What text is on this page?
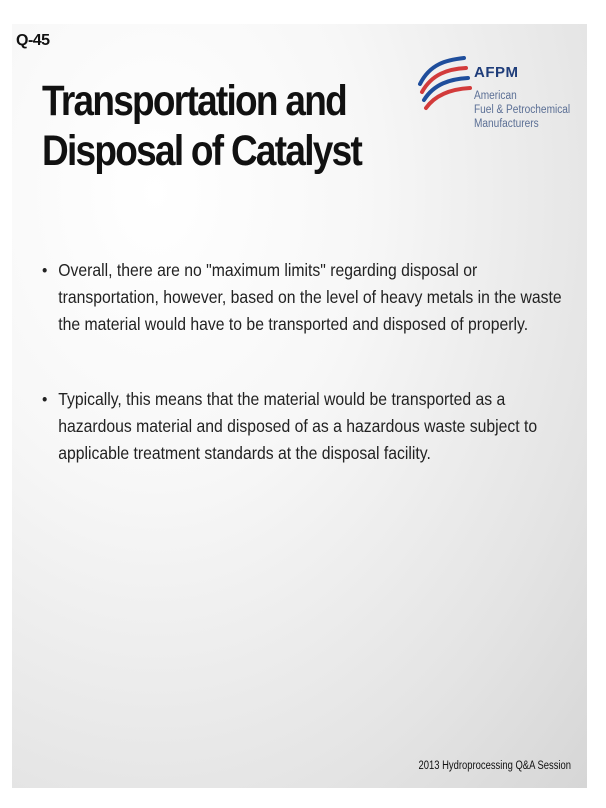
Q-45
Transportation and
Disposal of Catalyst
AFPM
American
Fuel & Petrochemical
Manufacturers
• Overall, there are no "maximum limits" regarding disposal or transportation, however, based on the level of heavy metals in the waste the material would have to be transported and disposed of properly.
• Typically, this means that the material would be transported as a hazardous material and disposed of as a hazardous waste subject to applicable treatment standards at the disposal facility.
2013 Hydroprocessing Q&A Session
